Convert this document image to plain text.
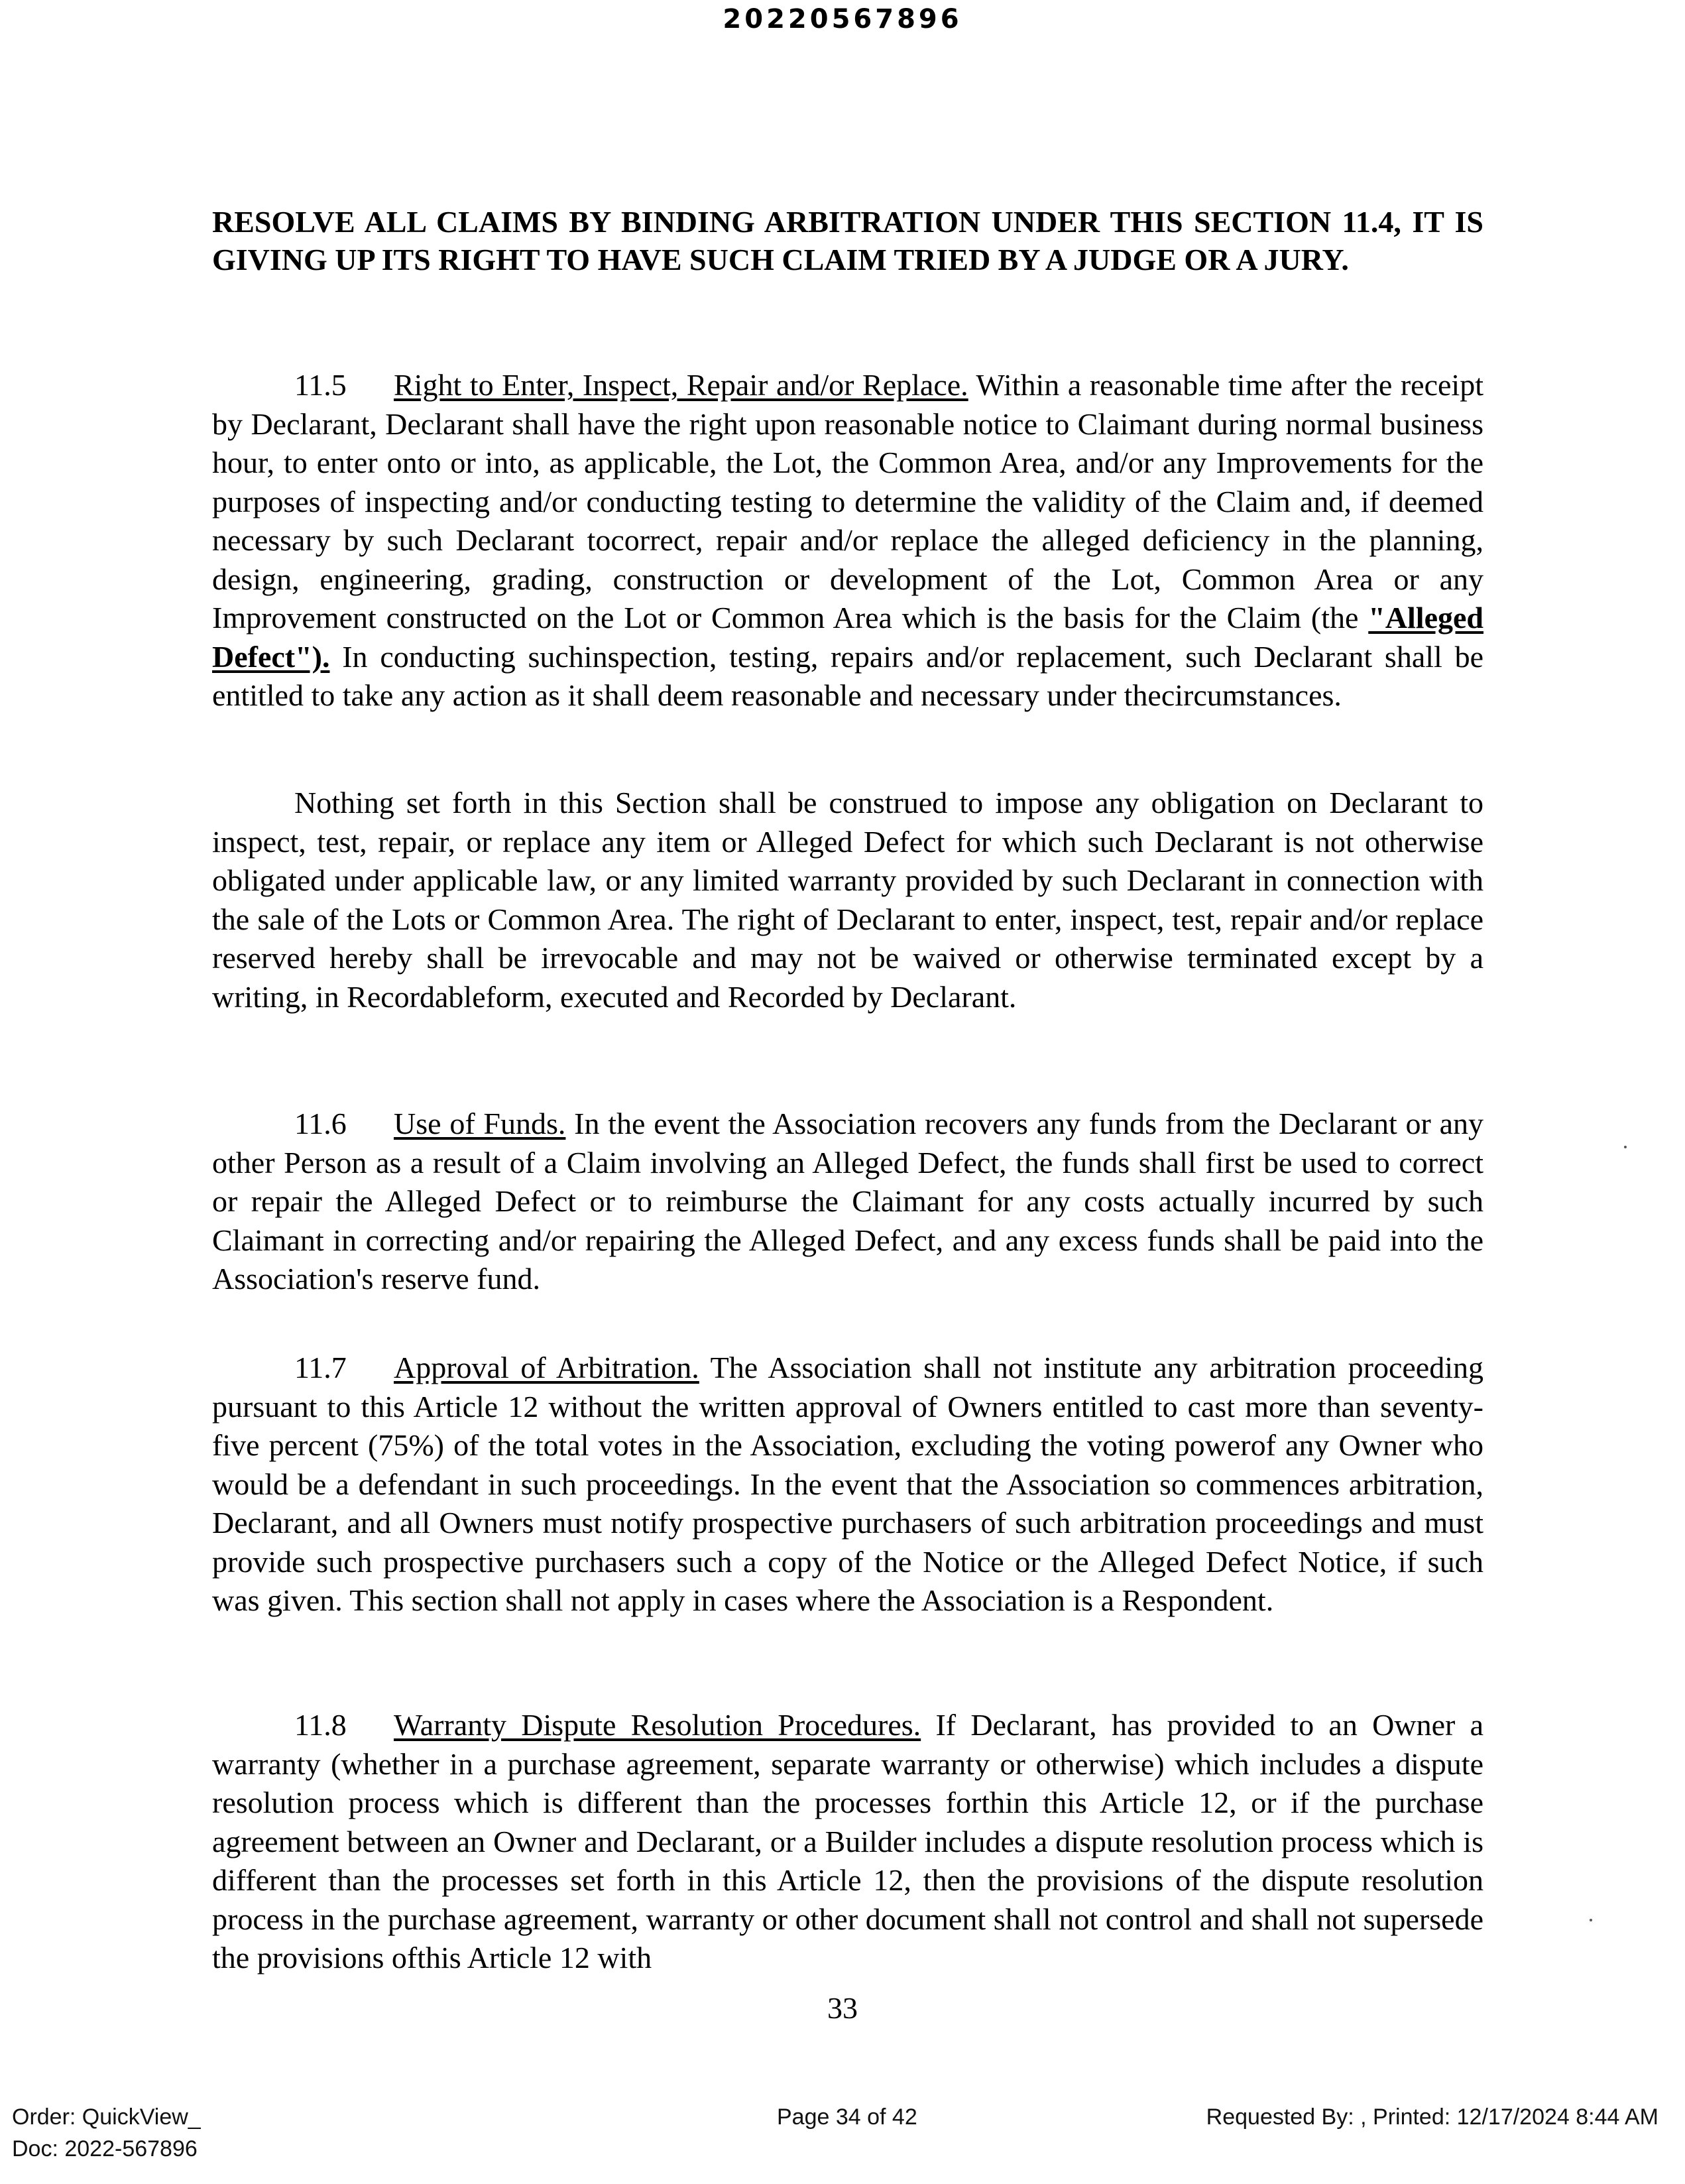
20220567896

RESOLVE ALL CLAIMS BY BINDING ARBITRATION UNDER THIS SECTION 11.4, IT IS GIVING UP ITS RIGHT TO HAVE SUCH CLAIM TRIED BY A JUDGE OR A JURY.

11.5 Right to Enter, Inspect, Repair and/or Replace. Within a reasonable time after the receipt by Declarant, Declarant shall have the right upon reasonable notice to Claimant during normal business hour, to enter onto or into, as applicable, the Lot, the Common Area, and/or any Improvements for the purposes of inspecting and/or conducting testing to determine the validity of the Claim and, if deemed necessary by such Declarant tocorrect, repair and/or replace the alleged deficiency in the planning, design, engineering, grading, construction or development of the Lot, Common Area or any Improvement constructed on the Lot or Common Area which is the basis for the Claim (the "Alleged Defect"). In conducting suchinspection, testing, repairs and/or replacement, such Declarant shall be entitled to take any action as it shall deem reasonable and necessary under thecircumstances.

Nothing set forth in this Section shall be construed to impose any obligation on Declarant to inspect, test, repair, or replace any item or Alleged Defect for which such Declarant is not otherwise obligated under applicable law, or any limited warranty provided by such Declarant in connection with the sale of the Lots or Common Area. The right of Declarant to enter, inspect, test, repair and/or replace reserved hereby shall be irrevocable and may not be waived or otherwise terminated except by a writing, in Recordableform, executed and Recorded by Declarant.

11.6 Use of Funds. In the event the Association recovers any funds from the Declarant or any other Person as a result of a Claim involving an Alleged Defect, the funds shall first be used to correct or repair the Alleged Defect or to reimburse the Claimant for any costs actually incurred by such Claimant in correcting and/or repairing the Alleged Defect, and any excess funds shall be paid into the Association's reserve fund.

11.7 Approval of Arbitration. The Association shall not institute any arbitration proceeding pursuant to this Article 12 without the written approval of Owners entitled to cast more than seventy-five percent (75%) of the total votes in the Association, excluding the voting powerof any Owner who would be a defendant in such proceedings. In the event that the Association so commences arbitration, Declarant, and all Owners must notify prospective purchasers of such arbitration proceedings and must provide such prospective purchasers such a copy of the Notice or the Alleged Defect Notice, if such was given. This section shall not apply in cases where the Association is a Respondent.

11.8 Warranty Dispute Resolution Procedures. If Declarant, has provided to an Owner a warranty (whether in a purchase agreement, separate warranty or otherwise) which includes a dispute resolution process which is different than the processes forthin this Article 12, or if the purchase agreement between an Owner and Declarant, or a Builder includes a dispute resolution process which is different than the processes set forth in this Article 12, then the provisions of the dispute resolution process in the purchase agreement, warranty or other document shall not control and shall not supersede the provisions ofthis Article 12 with

33
Order: QuickView_
Doc: 2022-567896
Page 34 of 42	Requested By: , Printed: 12/17/2024 8:44 AM
